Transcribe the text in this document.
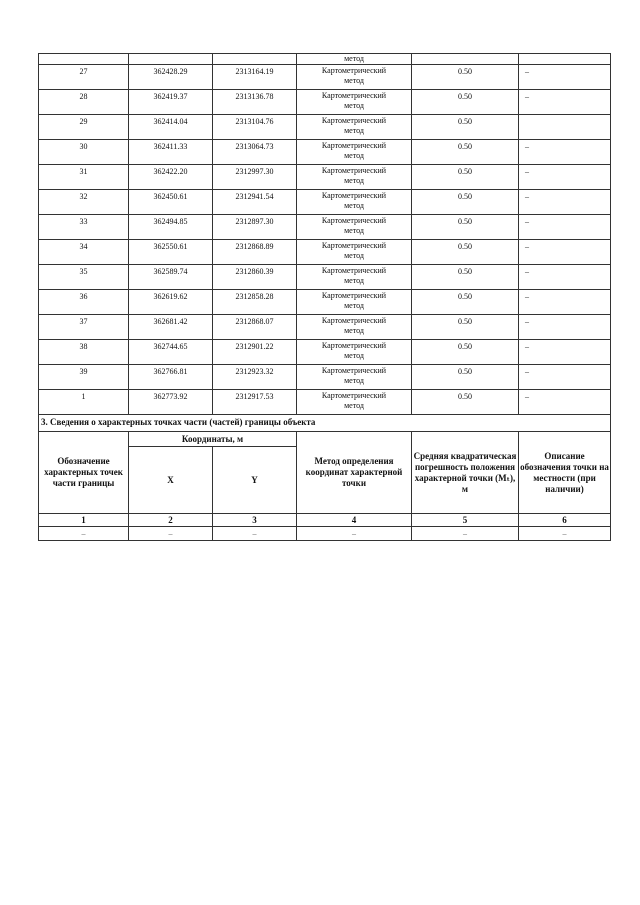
			метод		
27	362428.29	2313164.19	Картометрический
метод	0.50	–
28	362419.37	2313136.78	Картометрический
метод	0.50	–
29	362414.04	2313104.76	Картометрический
метод	0.50	
30	362411.33	2313064.73	Картометрический
метод	0.50	–
31	362422.20	2312997.30	Картометрический
метод	0.50	–
32	362450.61	2312941.54	Картометрический
метод	0.50	–
33	362494.85	2312897.30	Картометрический
метод	0.50	–
34	362550.61	2312868.89	Картометрический
метод	0.50	–
35	362589.74	2312860.39	Картометрический
метод	0.50	–
36	362619.62	2312858.28	Картометрический
метод	0.50	–
37	362681.42	2312868.07	Картометрический
метод	0.50	–
38	362744.65	2312901.22	Картометрический
метод	0.50	–
39	362766.81	2312923.32	Картометрический
метод	0.50	–
1	362773.92	2312917.53	Картометрический
метод	0.50	–
3. Сведения о характерных точках части (частей) границы объекта					
Обозначение характерных точек части границы	Координаты, м		Метод определения координат характерной точки	Средняя квадратическая погрешность положения характерной точки (Mₜ), м	Описание обозначения точки на местности (при наличии)
	X	Y			
1	2	3	4	5	6
–	–	–	–	–	–
